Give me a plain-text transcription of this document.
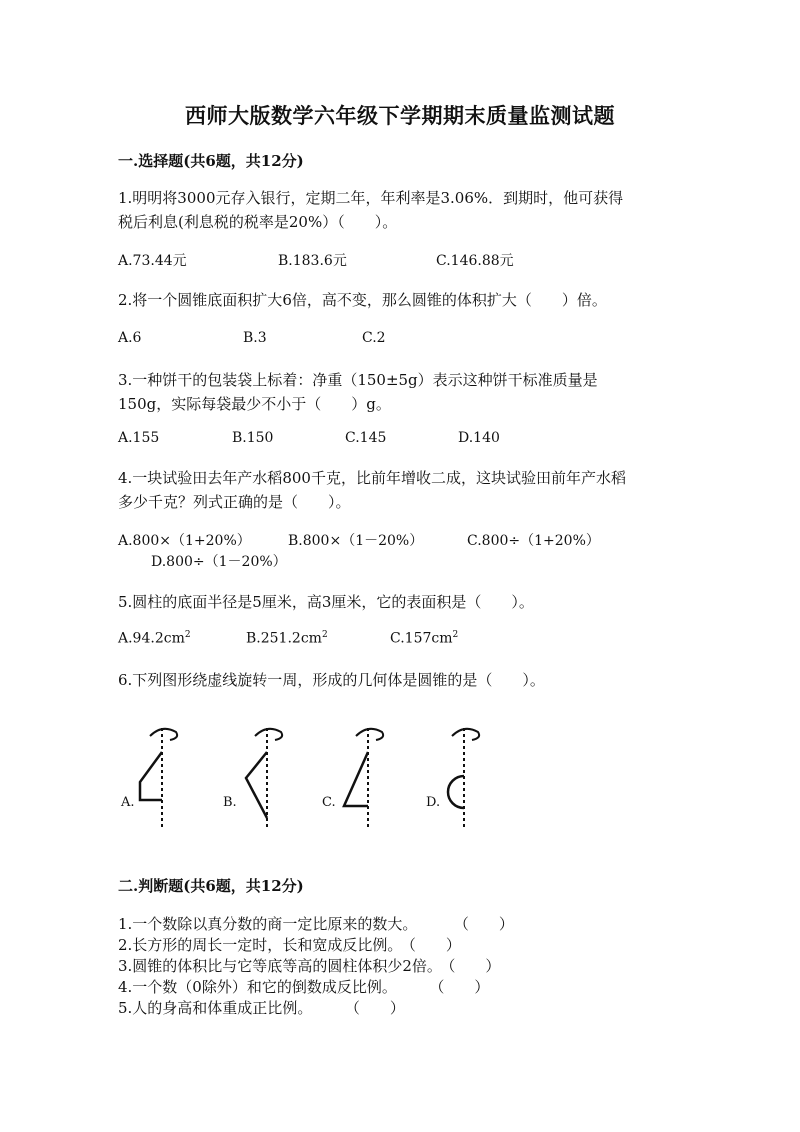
西师大版数学六年级下学期期末质量监测试题
一.选择题(共6题，共12分)
1.明明将3000元存入银行，定期二年，年利率是3.06%．到期时，他可获得
税后利息(利息税的税率是20%）（　　）。
A.73.44元	B.183.6元	C.146.88元
2.将一个圆锥底面积扩大6倍，高不变，那么圆锥的体积扩大（　　）倍。
A.6	B.3	C.2
3.一种饼干的包装袋上标着：净重（150±5g）表示这种饼干标准质量是
150g，实际每袋最少不小于（　　）g。
A.155	B.150	C.145	D.140
4.一块试验田去年产水稻800千克，比前年增收二成，这块试验田前年产水稻
多少千克？列式正确的是（　　）。
A.800×（1+20%）	B.800×（1－20%）	C.800÷（1+20%）
D.800÷（1－20%）
5.圆柱的底面半径是5厘米，高3厘米，它的表面积是（　　）。
$A.94.2cm^2$	$B.251.2cm^2$	$C.157cm^2$
6.下列图形绕虚线旋转一周，形成的几何体是圆锥的是（　　）。
A.	B.	C.	D.
二.判断题(共6题，共12分)
1.一个数除以真分数的商一定比原来的数大。	（　　）
2.长方形的周长一定时，长和宽成反比例。 （　　）
3.圆锥的体积比与它等底等高的圆柱体积少2倍。 （　　）
4.一个数（0除外）和它的倒数成反比例。	（　　）
5.人的身高和体重成正比例。	（　　）
